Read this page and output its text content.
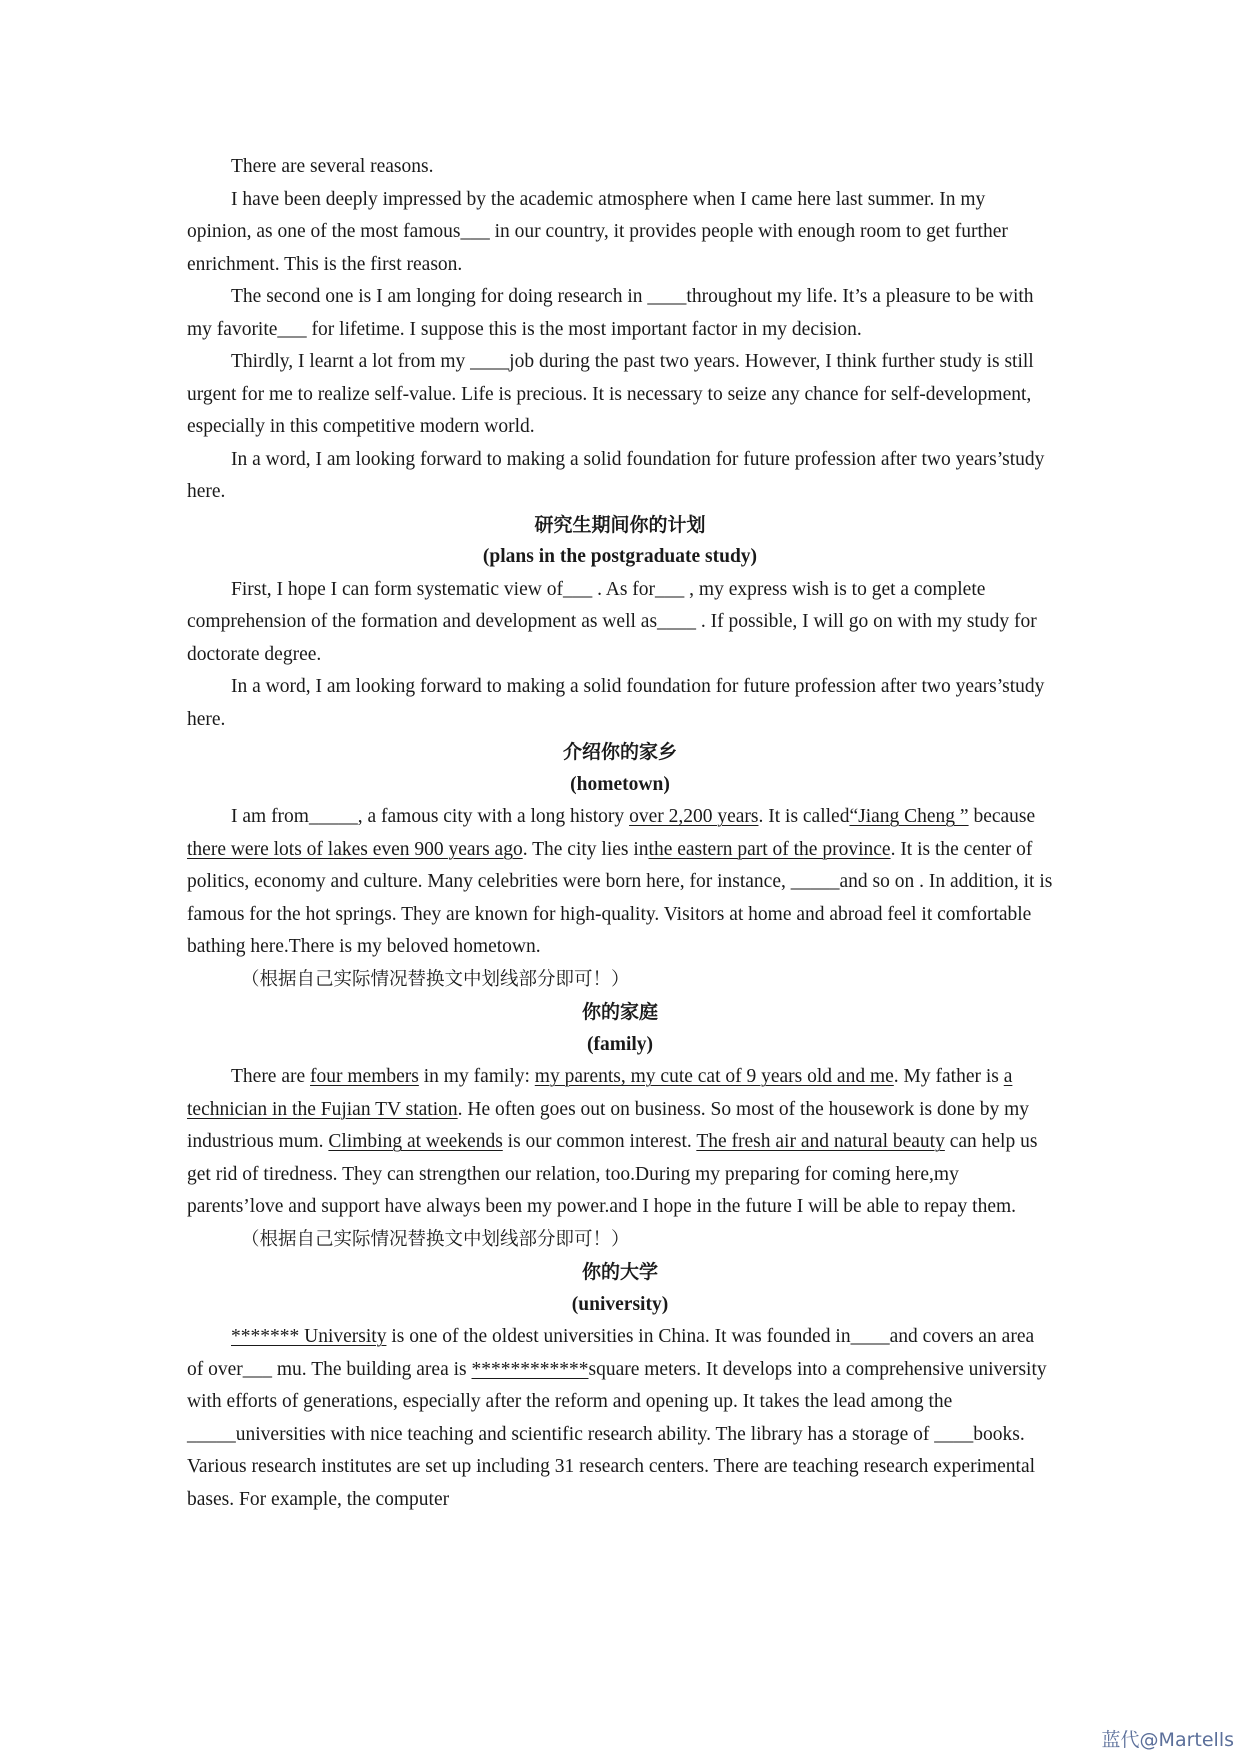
There are several reasons.

I have been deeply impressed by the academic atmosphere when I came here last summer. In my opinion, as one of the most famous___ in our country, it provides people with enough room to get further enrichment. This is the first reason.

The second one is I am longing for doing research in ____throughout my life. It’s a pleasure to be with my favorite___ for lifetime. I suppose this is the most important factor in my decision.

Thirdly, I learnt a lot from my ____job during the past two years. However, I think further study is still urgent for me to realize self-value. Life is precious. It is necessary to seize any chance for self-development, especially in this competitive modern world.

In a word, I am looking forward to making a solid foundation for future profession after two years’study here.

研究生期间你的计划
(plans in the postgraduate study)

First, I hope I can form systematic view of___ . As for___ , my express wish is to get a complete comprehension of the formation and development as well as____ . If possible, I will go on with my study for doctorate degree.

In a word, I am looking forward to making a solid foundation for future profession after two years’study here.

介绍你的家乡
(hometown)

I am from_____, a famous city with a long history over 2,200 years. It is called“Jiang Cheng ” because there were lots of lakes even 900 years ago. The city lies inthe eastern part of the province. It is the center of politics, economy and culture. Many celebrities were born here, for instance, _____and so on . In addition, it is famous for the hot springs. They are known for high-quality. Visitors at home and abroad feel it comfortable bathing here.There is my beloved hometown.

（根据自己实际情况替换文中划线部分即可！）

你的家庭
(family)

There are four members in my family: my parents, my cute cat of 9 years old and me. My father is a technician in the Fujian TV station. He often goes out on business. So most of the housework is done by my industrious mum. Climbing at weekends is our common interest. The fresh air and natural beauty can help us get rid of tiredness. They can strengthen our relation, too.During my preparing for coming here,my parents’love and support have always been my power.and I hope in the future I will be able to repay them.

（根据自己实际情况替换文中划线部分即可！）

你的大学
(university)

******* University is one of the oldest universities in China. It was founded in____and covers an area of over___ mu. The building area is ************square meters. It develops into a comprehensive university with efforts of generations, especially after the reform and opening up. It takes the lead among the _____universities with nice teaching and scientific research ability. The library has a storage of ____books. Various research institutes are set up including 31 research centers. There are teaching research experimental bases. For example, the computer

蓝代@Martells
